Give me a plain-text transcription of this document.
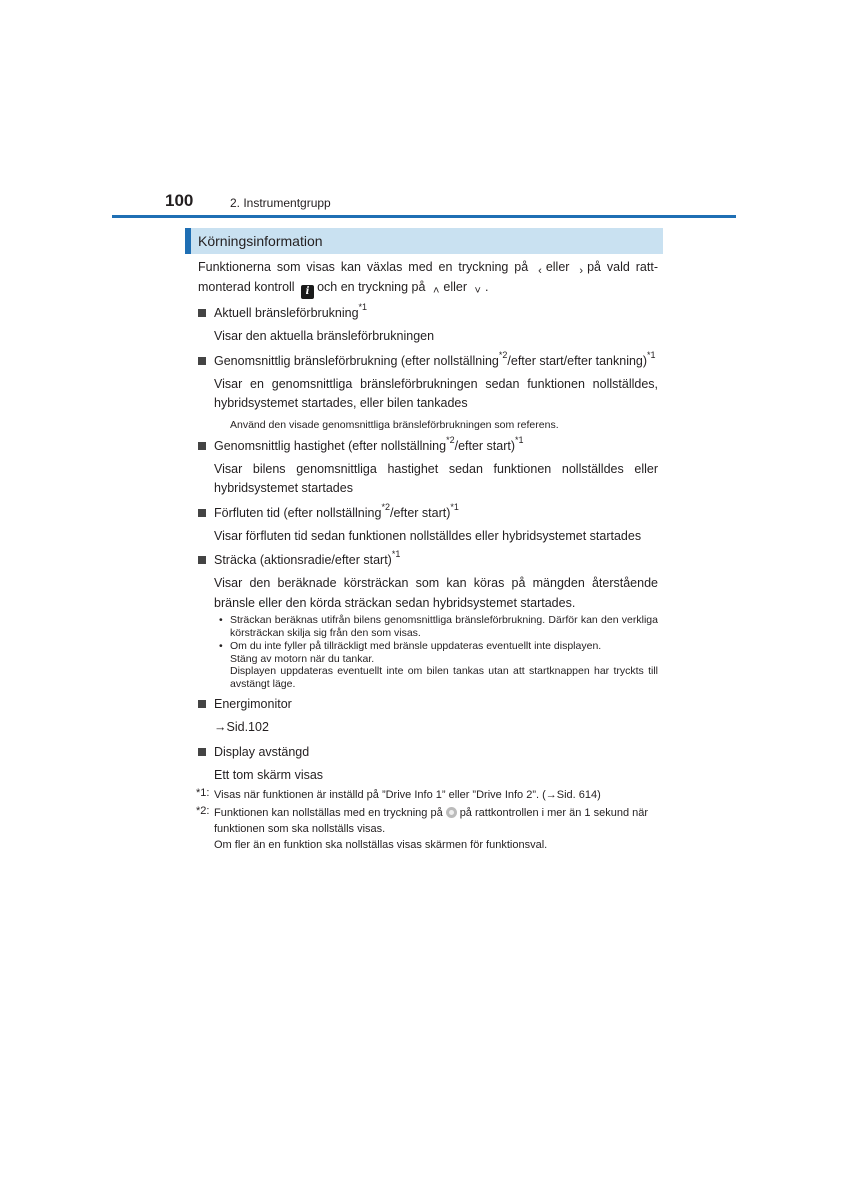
100	2. Instrumentgrupp
Körningsinformation

Funktionerna som visas kan växlas med en tryckning på ‹ eller › på vald ratt-monterad kontroll i och en tryckning på ˄ eller ˅ .

Aktuell bränsleförbrukning$^{*1}$

Visar den aktuella bränsleförbrukningen

Genomsnittlig bränsleförbrukning (efter nollställning$^{*2}$/efter start/efter tankning)$^{*1}$

Visar en genomsnittliga bränsleförbrukningen sedan funktionen nollställdes, hybridsystemet startades, eller bilen tankades

Använd den visade genomsnittliga bränsleförbrukningen som referens.
Genomsnittlig hastighet (efter nollställning$^{*2}$/efter start)$^{*1}$

Visar bilens genomsnittliga hastighet sedan funktionen nollställdes eller hybridsystemet startades

Förfluten tid (efter nollställning$^{*2}$/efter start)$^{*1}$

Visar förfluten tid sedan funktionen nollställdes eller hybridsystemet startades

Sträcka (aktionsradie/efter start)$^{*1}$

Visar den beräknade körsträckan som kan köras på mängden återstående bränsle eller den körda sträckan sedan hybridsystemet startades.

• Sträckan beräknas utifrån bilens genomsnittliga bränsleförbrukning. Därför kan den verkliga körsträckan skilja sig från den som visas.
• Om du inte fyller på tillräckligt med bränsle uppdateras eventuellt inte displayen.
Stäng av motorn när du tankar.
Displayen uppdateras eventuellt inte om bilen tankas utan att startknappen har tryckts till avstängt läge.
Energimonitor

→Sid.102

Display avstängd

Ett tom skärm visas

*1: Visas när funktionen är inställd på ”Drive Info 1” eller ”Drive Info 2”. (→Sid. 614)
*2: Funktionen kan nollställas med en tryckning på på rattkontrollen i mer än 1 sekund när funktionen som ska nollställs visas.
Om fler än en funktion ska nollställas visas skärmen för funktionsval.
